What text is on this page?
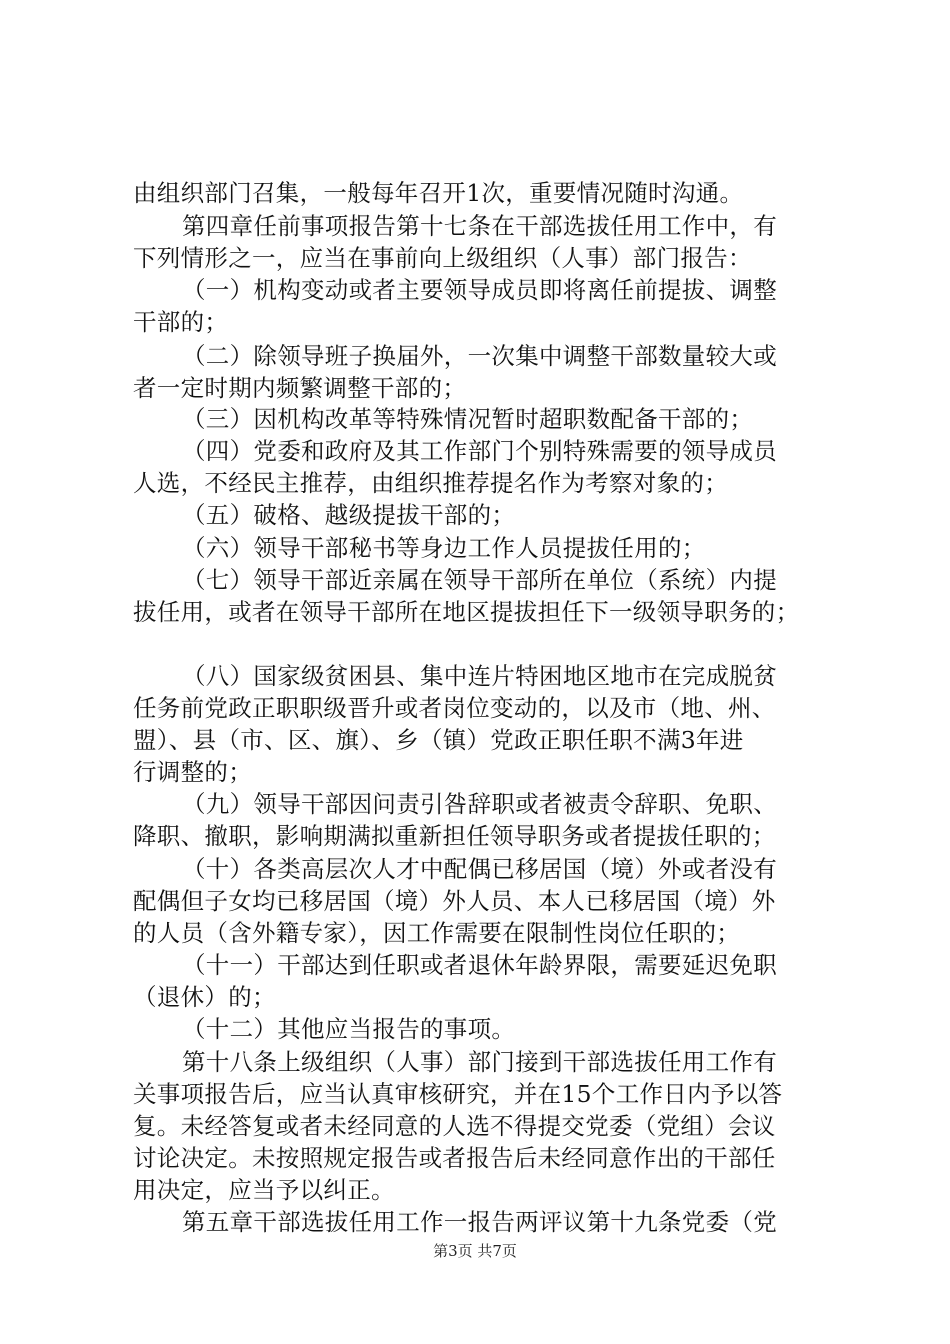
由组织部门召集，一般每年召开1次，重要情况随时沟通。
第四章任前事项报告第十七条在干部选拔任用工作中，有
下列情形之一，应当在事前向上级组织（人事）部门报告：
（一）机构变动或者主要领导成员即将离任前提拔、调整
干部的；
（二）除领导班子换届外，一次集中调整干部数量较大或
者一定时期内频繁调整干部的；
（三）因机构改革等特殊情况暂时超职数配备干部的；
（四）党委和政府及其工作部门个别特殊需要的领导成员
人选，不经民主推荐，由组织推荐提名作为考察对象的；
（五）破格、越级提拔干部的；
（六）领导干部秘书等身边工作人员提拔任用的；
（七）领导干部近亲属在领导干部所在单位（系统）内提
拔任用，或者在领导干部所在地区提拔担任下一级领导职务的；
（八）国家级贫困县、集中连片特困地区地市在完成脱贫
任务前党政正职职级晋升或者岗位变动的，以及市（地、州、
盟）、县（市、区、旗）、乡（镇）党政正职任职不满3年进
行调整的；
（九）领导干部因问责引咎辞职或者被责令辞职、免职、
降职、撤职，影响期满拟重新担任领导职务或者提拔任职的；
（十）各类高层次人才中配偶已移居国（境）外或者没有
配偶但子女均已移居国（境）外人员、本人已移居国（境）外
的人员（含外籍专家），因工作需要在限制性岗位任职的；
（十一）干部达到任职或者退休年龄界限，需要延迟免职
（退休）的；
（十二）其他应当报告的事项。
第十八条上级组织（人事）部门接到干部选拔任用工作有
关事项报告后，应当认真审核研究，并在15个工作日内予以答
复。未经答复或者未经同意的人选不得提交党委（党组）会议
讨论决定。未按照规定报告或者报告后未经同意作出的干部任
用决定，应当予以纠正。
第五章干部选拔任用工作一报告两评议第十九条党委（党
第3页 共7页
